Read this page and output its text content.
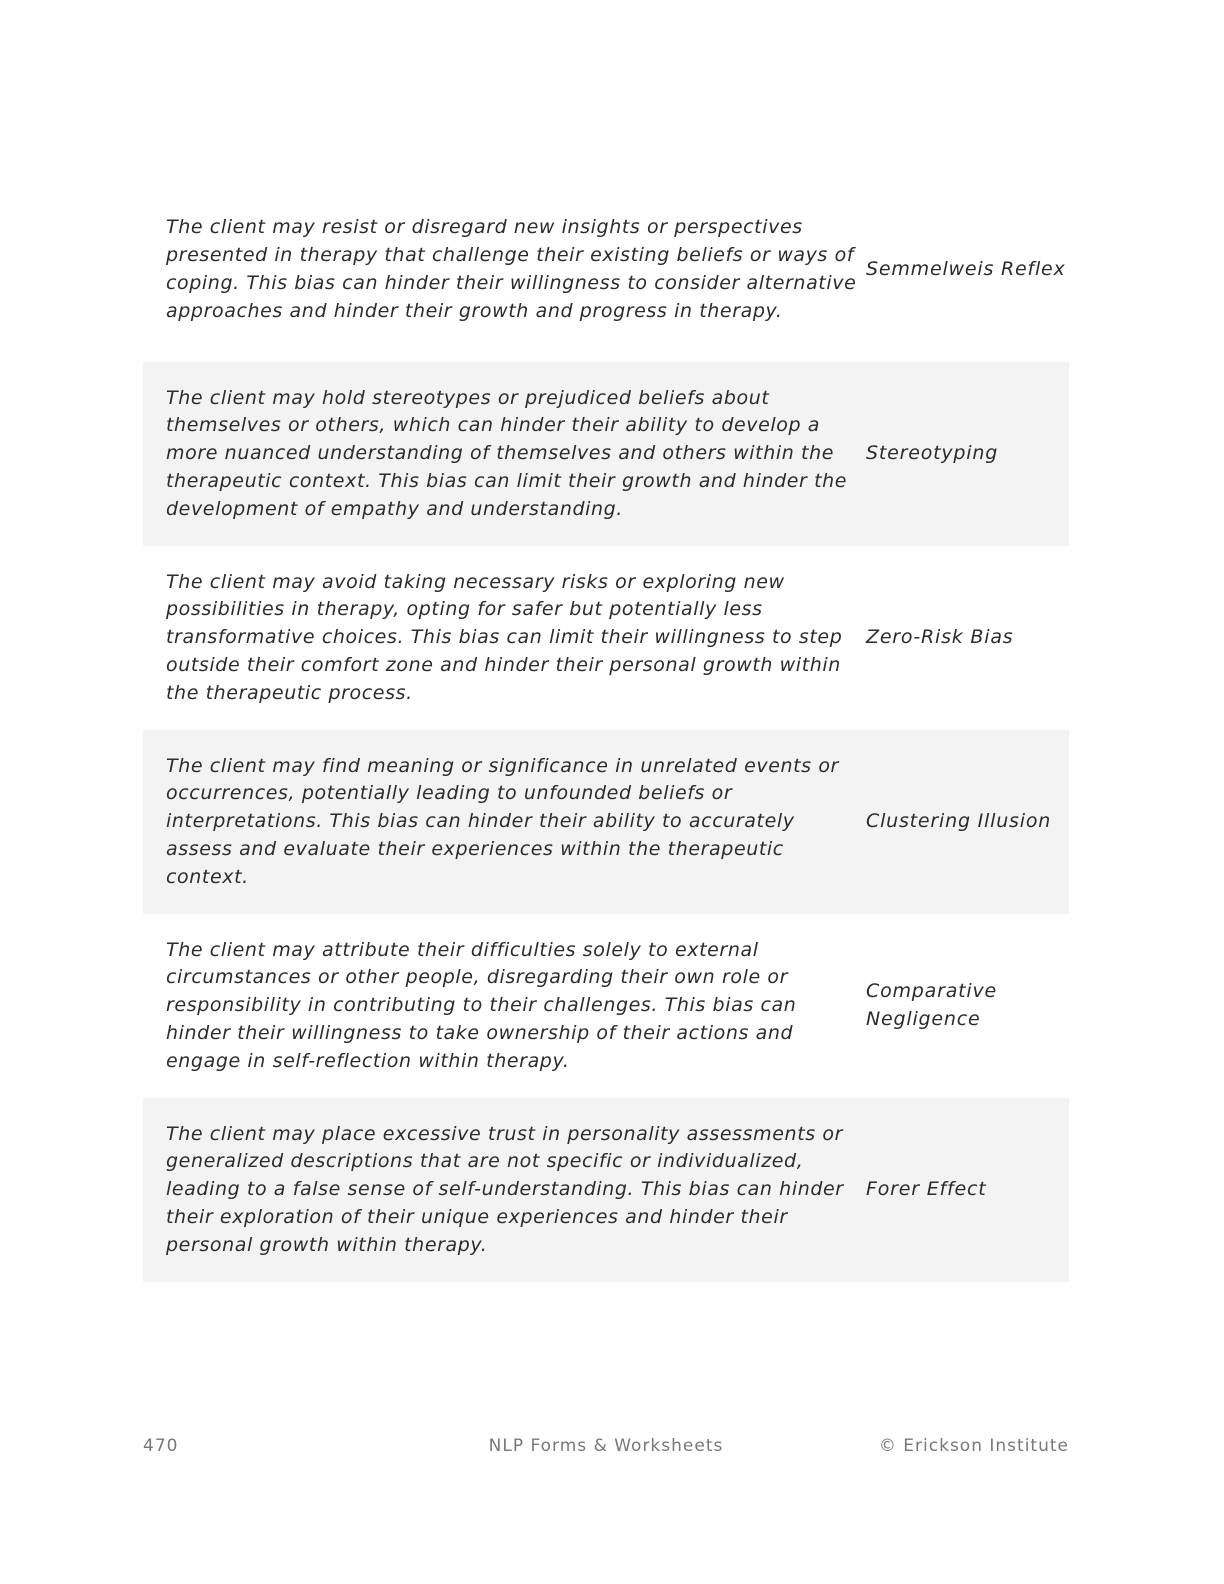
The client may resist or disregard new insights or perspectives presented in therapy that challenge their existing beliefs or ways of coping. This bias can hinder their willingness to consider alternative approaches and hinder their growth and progress in therapy.
Semmelweis Reflex
The client may hold stereotypes or prejudiced beliefs about themselves or others, which can hinder their ability to develop a more nuanced understanding of themselves and others within the therapeutic context. This bias can limit their growth and hinder the development of empathy and understanding.
Stereotyping
The client may avoid taking necessary risks or exploring new possibilities in therapy, opting for safer but potentially less transformative choices. This bias can limit their willingness to step outside their comfort zone and hinder their personal growth within the therapeutic process.
Zero-Risk Bias
The client may find meaning or significance in unrelated events or occurrences, potentially leading to unfounded beliefs or interpretations. This bias can hinder their ability to accurately assess and evaluate their experiences within the therapeutic context.
Clustering Illusion
The client may attribute their difficulties solely to external circumstances or other people, disregarding their own role or responsibility in contributing to their challenges. This bias can hinder their willingness to take ownership of their actions and engage in self-reflection within therapy.
Comparative Negligence
The client may place excessive trust in personality assessments or generalized descriptions that are not specific or individualized, leading to a false sense of self-understanding. This bias can hinder their exploration of their unique experiences and hinder their personal growth within therapy.
Forer Effect
470	NLP Forms & Worksheets	© Erickson Institute
